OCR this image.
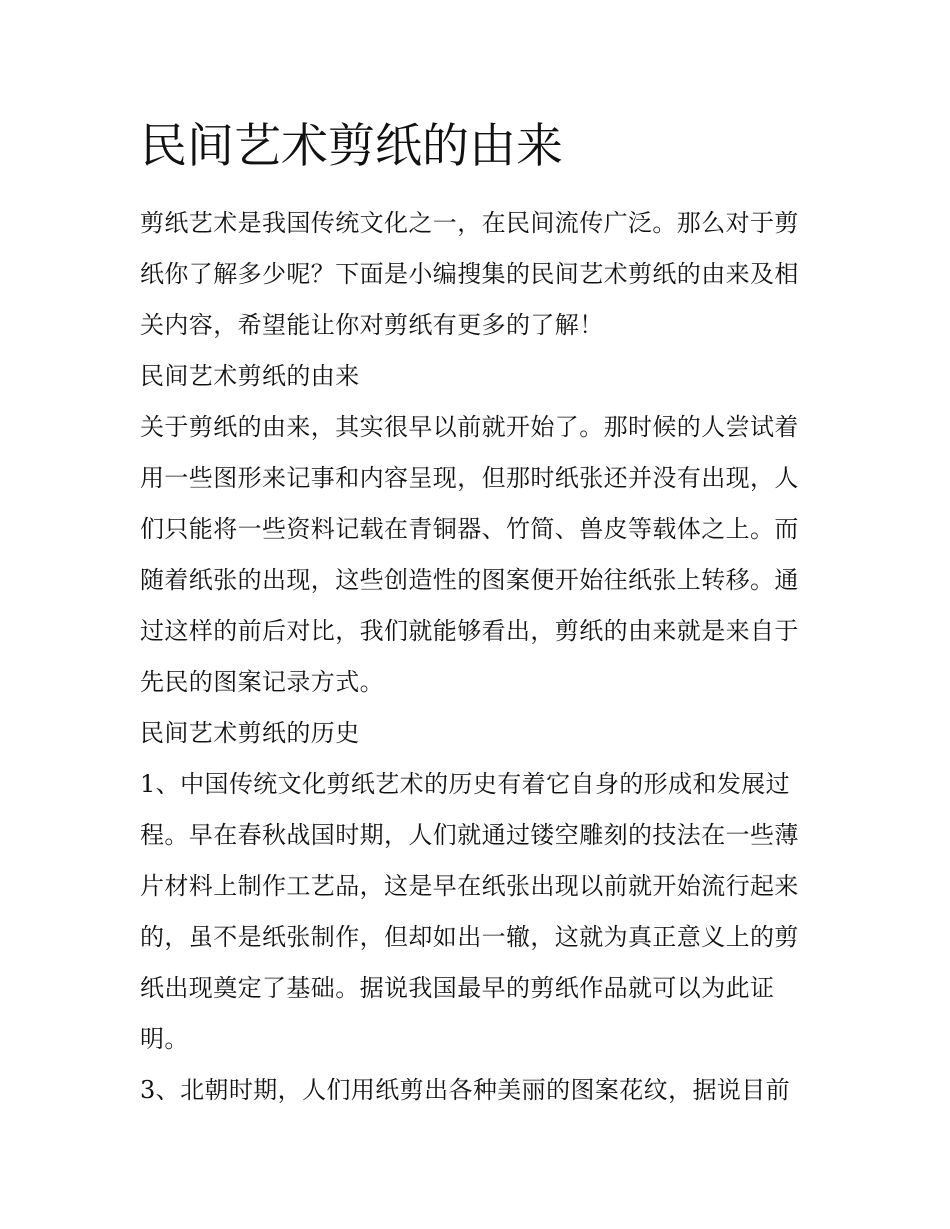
民间艺术剪纸的由来

剪纸艺术是我国传统文化之一，在民间流传广泛。那么对于剪纸你了解多少呢？下面是小编搜集的民间艺术剪纸的由来及相关内容，希望能让你对剪纸有更多的了解！

民间艺术剪纸的由来

关于剪纸的由来，其实很早以前就开始了。那时候的人尝试着用一些图形来记事和内容呈现，但那时纸张还并没有出现，人们只能将一些资料记载在青铜器、竹简、兽皮等载体之上。而随着纸张的出现，这些创造性的图案便开始往纸张上转移。通过这样的前后对比，我们就能够看出，剪纸的由来就是来自于先民的图案记录方式。

民间艺术剪纸的历史

1、中国传统文化剪纸艺术的历史有着它自身的形成和发展过程。早在春秋战国时期，人们就通过镂空雕刻的技法在一些薄片材料上制作工艺品，这是早在纸张出现以前就开始流行起来的，虽不是纸张制作，但却如出一辙，这就为真正意义上的剪纸出现奠定了基础。据说我国最早的剪纸作品就可以为此证明。

3、北朝时期，人们用纸剪出各种美丽的图案花纹，据说目前
